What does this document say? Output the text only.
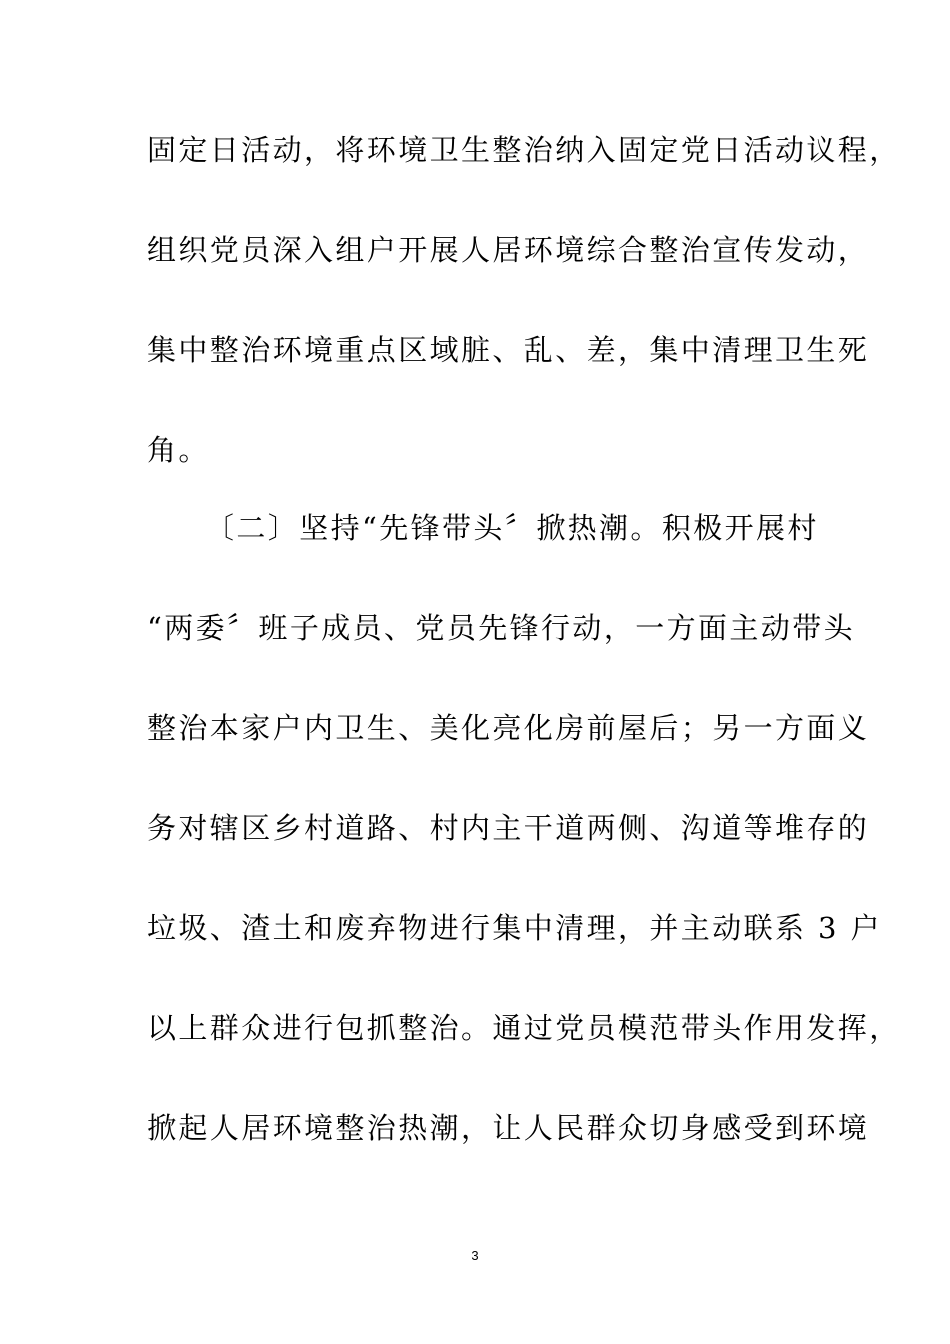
固定日活动，将环境卫生整治纳入固定党日活动议程，
组织党员深入组户开展人居环境综合整治宣传发动，
集中整治环境重点区域脏、乱、差，集中清理卫生死
角。
〔二〕坚持“先锋带头〞掀热潮。积极开展村
“两委〞班子成员、党员先锋行动，一方面主动带头
整治本家户内卫生、美化亮化房前屋后；另一方面义
务对辖区乡村道路、村内主干道两侧、沟道等堆存的
垃圾、渣土和废弃物进行集中清理，并主动联系 3 户
以上群众进行包抓整治。通过党员模范带头作用发挥，
掀起人居环境整治热潮，让人民群众切身感受到环境
3
